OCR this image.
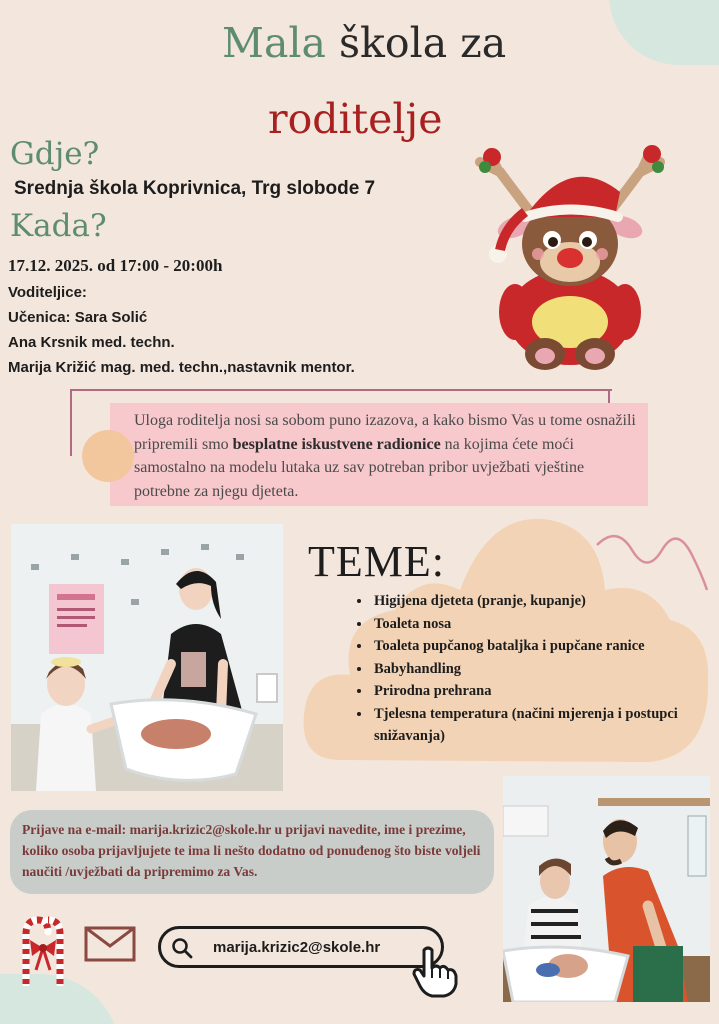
Mala škola za
roditelje
Gdje?
Srednja škola Koprivnica, Trg slobode 7
Kada?
17.12. 2025. od 17:00 - 20:00h
Voditeljice:
Učenica: Sara Solić
Ana Krsnik med. techn.
Marija Križić mag. med. techn.,nastavnik mentor.
Uloga roditelja nosi sa sobom puno izazova, a kako bismo Vas u tome osnažili pripremili smo besplatne iskustvene radionice na kojima ćete moći samostalno na modelu lutaka uz sav potreban pribor uvježbati vještine potrebne za njegu djeteta.
TEME:
• Higijena djeteta (pranje, kupanje)
• Toaleta nosa
• Toaleta pupčanog bataljka i pupčane ranice
• Babyhandling
• Prirodna prehrana
• Tjelesna temperatura (načini mjerenja i postupci snižavanja)
Prijave na e-mail: marija.krizic2@skole.hr u prijavi navedite, ime i prezime, koliko osoba prijavljujete te ima li nešto dodatno od ponuđenog što biste voljeli naučiti /uvježbati da pripremimo za Vas.
marija.krizic2@skole.hr
